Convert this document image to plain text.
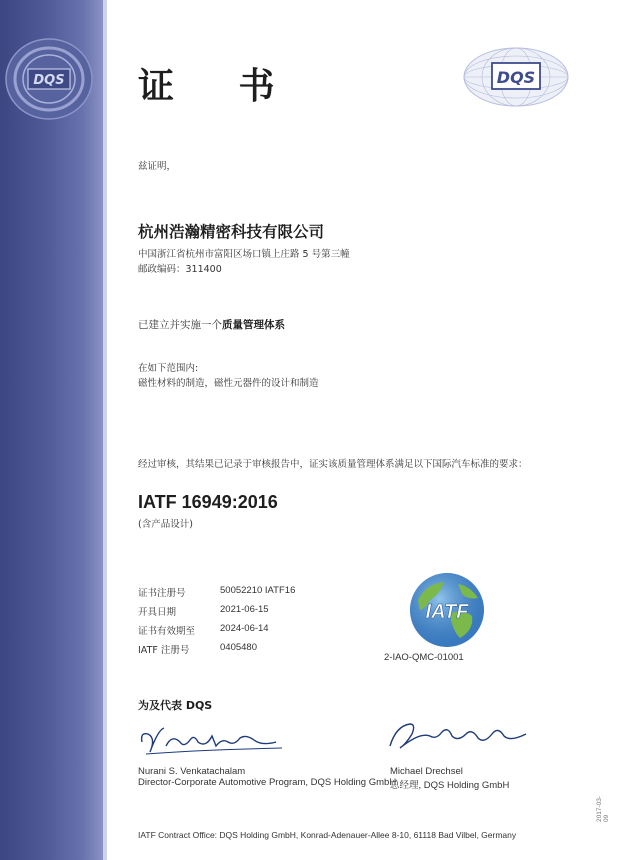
DQS	DQS
证 书
兹证明，
杭州浩瀚精密科技有限公司
中国浙江省杭州市富阳区场口镇上庄路 5 号第三幢
邮政编码：311400
已建立并实施一个质量管理体系
在如下范围内:
磁性材料的制造，磁性元器件的设计和制造
经过审核，其结果已记录于审核报告中，证实该质量管理体系满足以下国际汽车标准的要求：
IATF 16949:2016
(含产品设计)
证书注册号	50052210 IATF16
开具日期	2021-06-15
证书有效期至	2024-06-14
IATF 注册号	0405480
IATF
2-IAO-QMC-01001
为及代表 DQS
Nurani S. Venkatachalam
Director-Corporate Automotive Program, DQS Holding GmbH
Michael Drechsel
总经理, DQS Holding GmbH
IATF Contract Office: DQS Holding GmbH, Konrad-Adenauer-Allee 8-10, 61118 Bad Vilbel, Germany
2017-03-09
